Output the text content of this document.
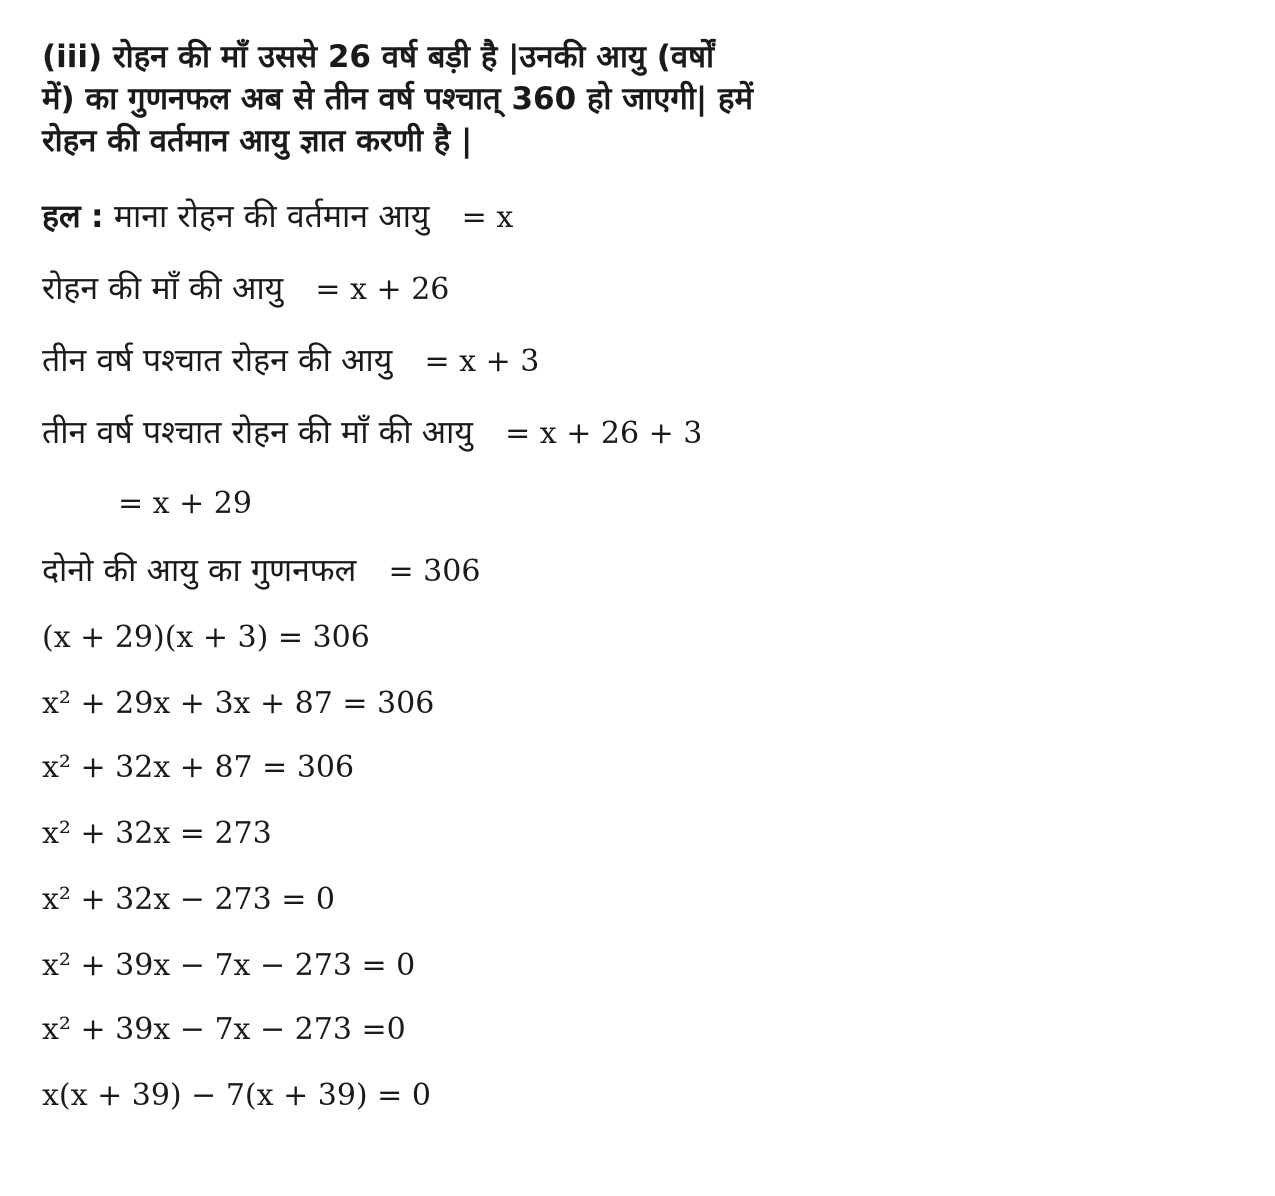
(iii) रोहन की माँ उससे 26 वर्ष बड़ी है |उनकी आयु (वर्षों
में) का गुणनफल अब से तीन वर्ष पश्चात् 360 हो जाएगी| हमें
रोहन की वर्तमान आयु ज्ञात करणी है |
हल : माना रोहन की वर्तमान आयु = x
रोहन की माँ की आयु = x + 26
तीन वर्ष पश्चात रोहन की आयु = x + 3
तीन वर्ष पश्चात रोहन की माँ की आयु = x + 26 + 3
= x + 29
दोनो की आयु का गुणनफल = 306
(x + 29)(x + 3) = 306
x² + 29x + 3x + 87 = 306
x² + 32x + 87 = 306
x² + 32x = 273
x² + 32x − 273 = 0
x² + 39x − 7x − 273 = 0
x² + 39x − 7x − 273 =0
x(x + 39) − 7(x + 39) = 0
